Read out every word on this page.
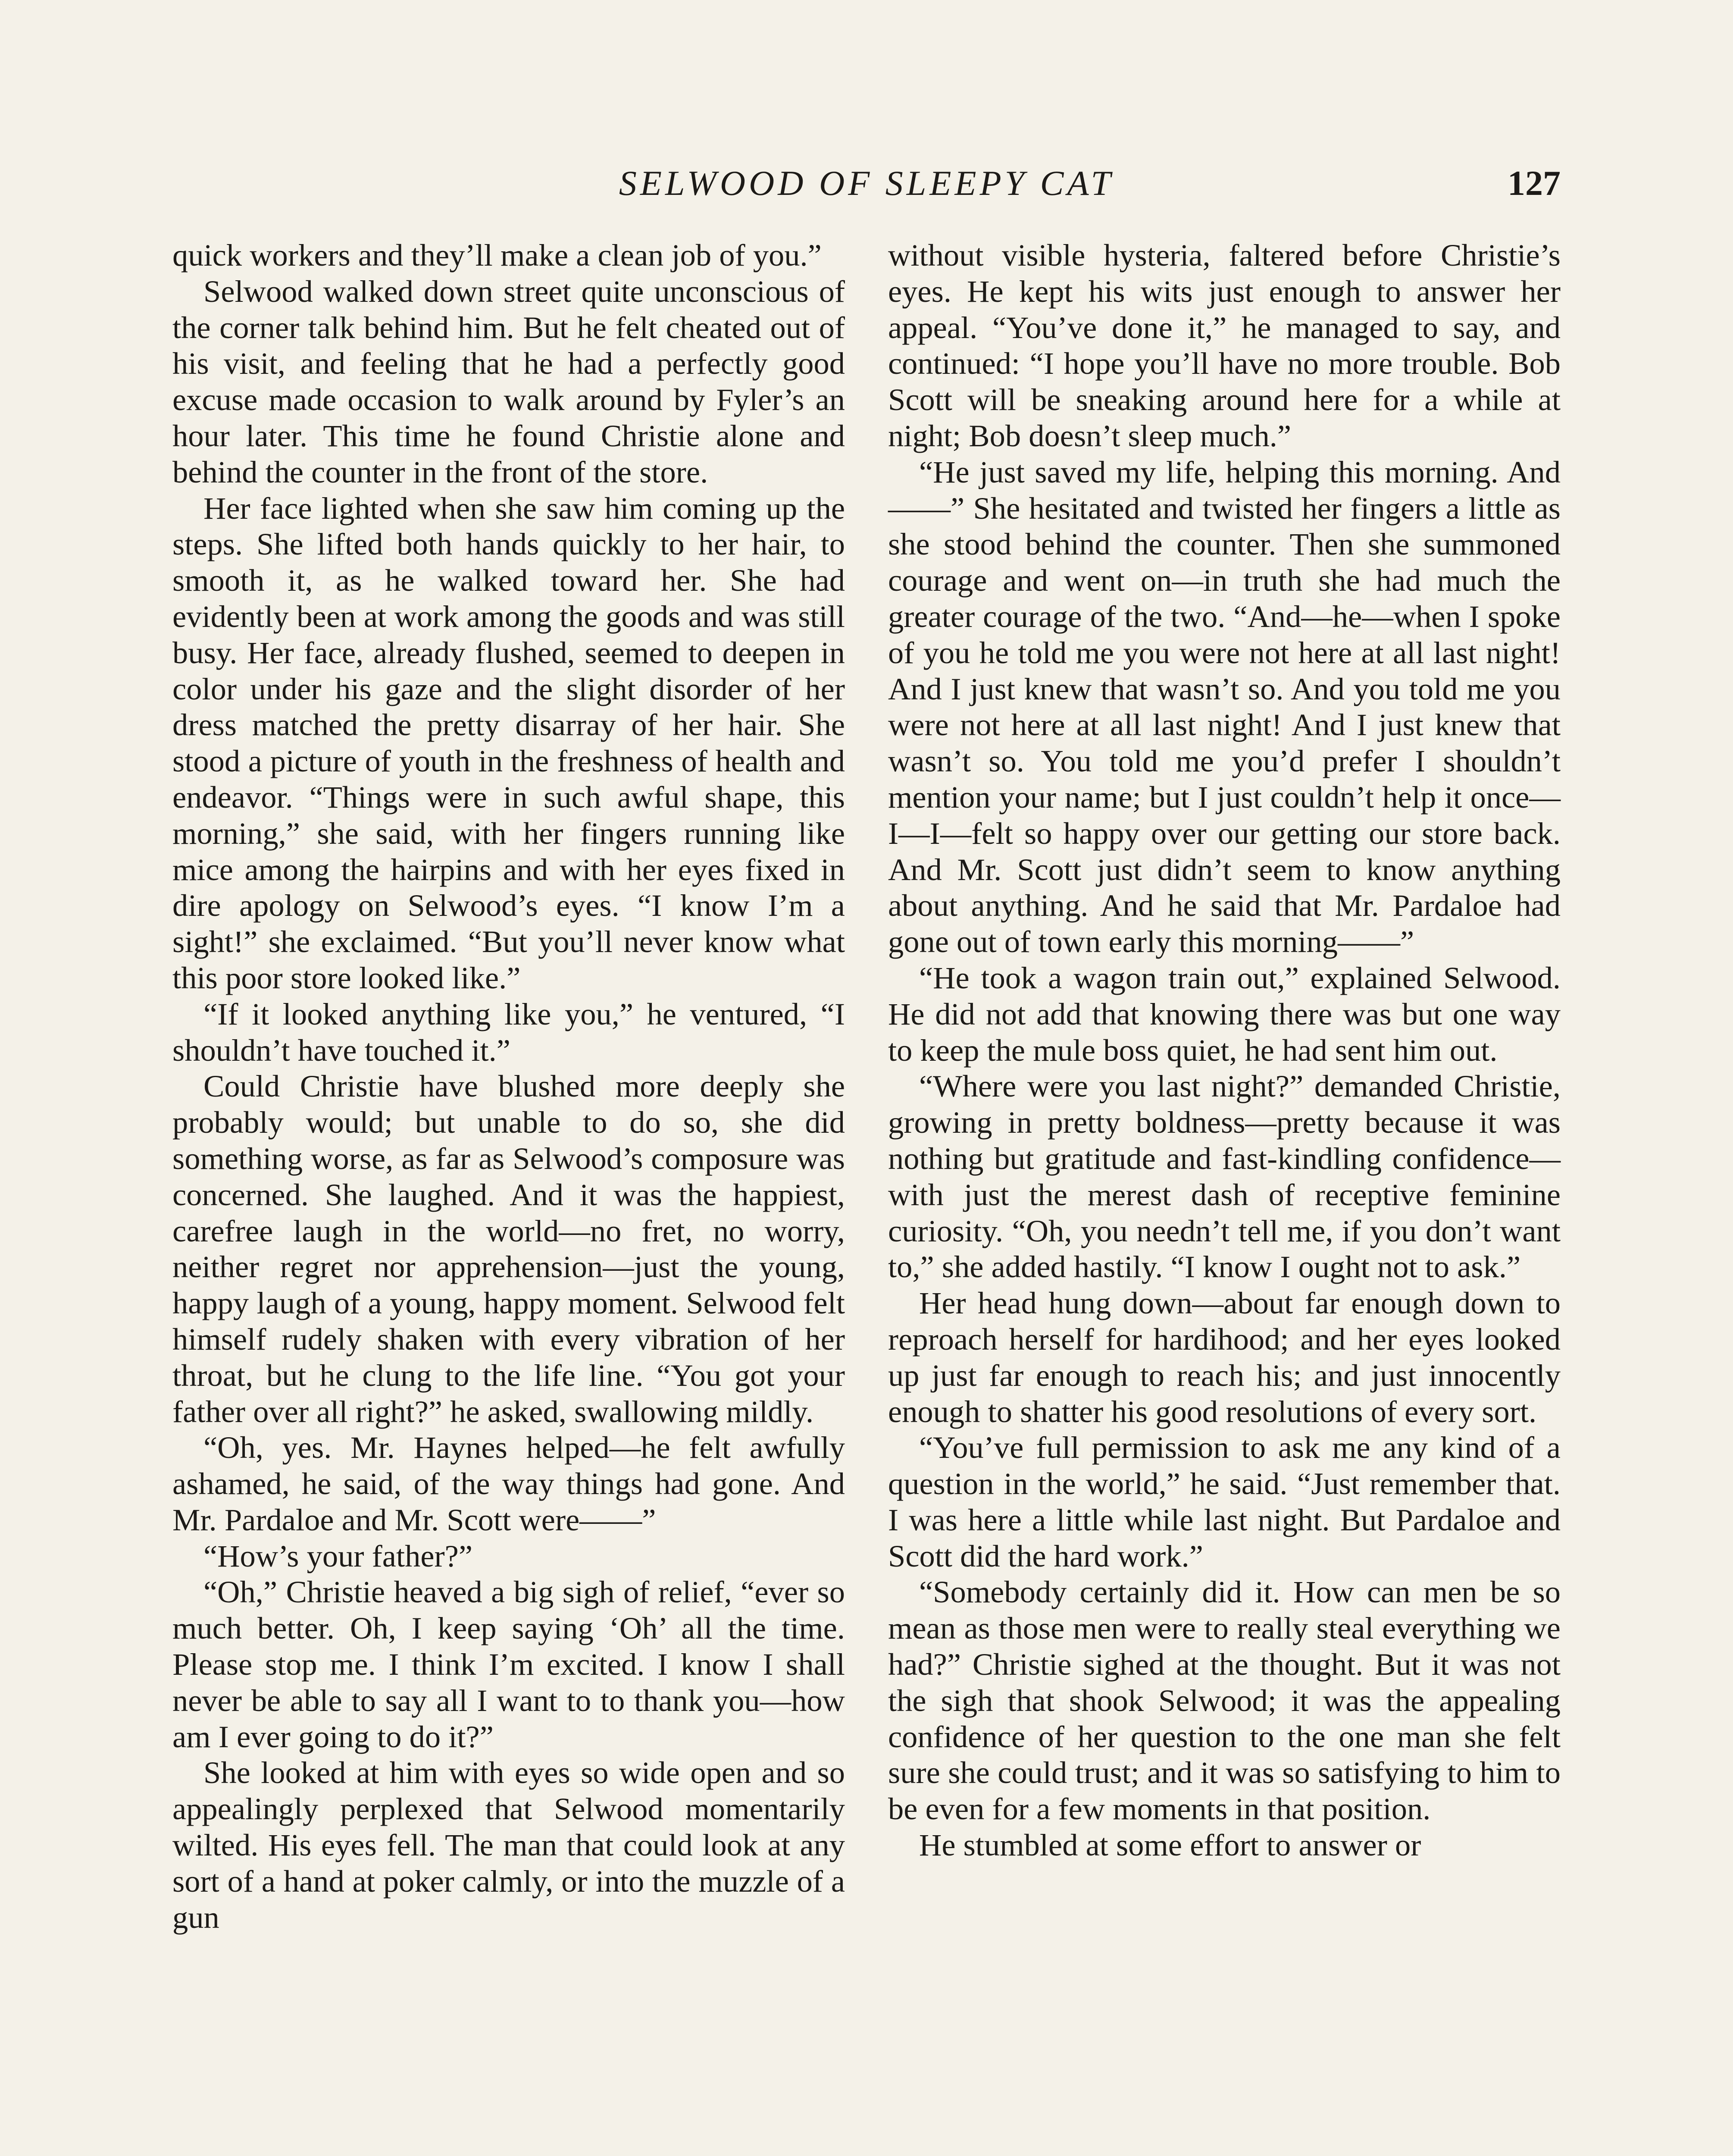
SELWOOD OF SLEEPY CAT	127

quick workers and they’ll make a clean job of you.”

Selwood walked down street quite unconscious of the corner talk behind him. But he felt cheated out of his visit, and feeling that he had a perfectly good excuse made occasion to walk around by Fyler’s an hour later. This time he found Christie alone and behind the counter in the front of the store.

Her face lighted when she saw him coming up the steps. She lifted both hands quickly to her hair, to smooth it, as he walked toward her. She had evidently been at work among the goods and was still busy. Her face, already flushed, seemed to deepen in color under his gaze and the slight disorder of her dress matched the pretty disarray of her hair. She stood a picture of youth in the freshness of health and endeavor. “Things were in such awful shape, this morning,” she said, with her fingers running like mice among the hairpins and with her eyes fixed in dire apology on Selwood’s eyes. “I know I’m a sight!” she exclaimed. “But you’ll never know what this poor store looked like.”

“If it looked anything like you,” he ventured, “I shouldn’t have touched it.”

Could Christie have blushed more deeply she probably would; but unable to do so, she did something worse, as far as Selwood’s composure was concerned. She laughed. And it was the happiest, carefree laugh in the world—no fret, no worry, neither regret nor apprehension—just the young, happy laugh of a young, happy moment. Selwood felt himself rudely shaken with every vibration of her throat, but he clung to the life line. “You got your father over all right?” he asked, swallowing mildly.

“Oh, yes. Mr. Haynes helped—he felt awfully ashamed, he said, of the way things had gone. And Mr. Pardaloe and Mr. Scott were——”

“How’s your father?”

“Oh,” Christie heaved a big sigh of relief, “ever so much better. Oh, I keep saying ‘Oh’ all the time. Please stop me. I think I’m excited. I know I shall never be able to say all I want to to thank you—how am I ever going to do it?”

She looked at him with eyes so wide open and so appealingly perplexed that Selwood momentarily wilted. His eyes fell. The man that could look at any sort of a hand at poker calmly, or into the muzzle of a gun

without visible hysteria, faltered before Christie’s eyes. He kept his wits just enough to answer her appeal. “You’ve done it,” he managed to say, and continued: “I hope you’ll have no more trouble. Bob Scott will be sneaking around here for a while at night; Bob doesn’t sleep much.”

“He just saved my life, helping this morning. And——” She hesitated and twisted her fingers a little as she stood behind the counter. Then she summoned courage and went on—in truth she had much the greater courage of the two. “And—he—when I spoke of you he told me you were not here at all last night! And I just knew that wasn’t so. And you told me you were not here at all last night! And I just knew that wasn’t so. You told me you’d prefer I shouldn’t mention your name; but I just couldn’t help it once—I—I—felt so happy over our getting our store back. And Mr. Scott just didn’t seem to know anything about anything. And he said that Mr. Pardaloe had gone out of town early this morning——”

“He took a wagon train out,” explained Selwood. He did not add that knowing there was but one way to keep the mule boss quiet, he had sent him out.

“Where were you last night?” demanded Christie, growing in pretty boldness—pretty because it was nothing but gratitude and fast-kindling confidence—with just the merest dash of receptive feminine curiosity. “Oh, you needn’t tell me, if you don’t want to,” she added hastily. “I know I ought not to ask.”

Her head hung down—about far enough down to reproach herself for hardihood; and her eyes looked up just far enough to reach his; and just innocently enough to shatter his good resolutions of every sort.

“You’ve full permission to ask me any kind of a question in the world,” he said. “Just remember that. I was here a little while last night. But Pardaloe and Scott did the hard work.”

“Somebody certainly did it. How can men be so mean as those men were to really steal everything we had?” Christie sighed at the thought. But it was not the sigh that shook Selwood; it was the appealing confidence of her question to the one man she felt sure she could trust; and it was so satisfying to him to be even for a few moments in that position.

He stumbled at some effort to answer or
